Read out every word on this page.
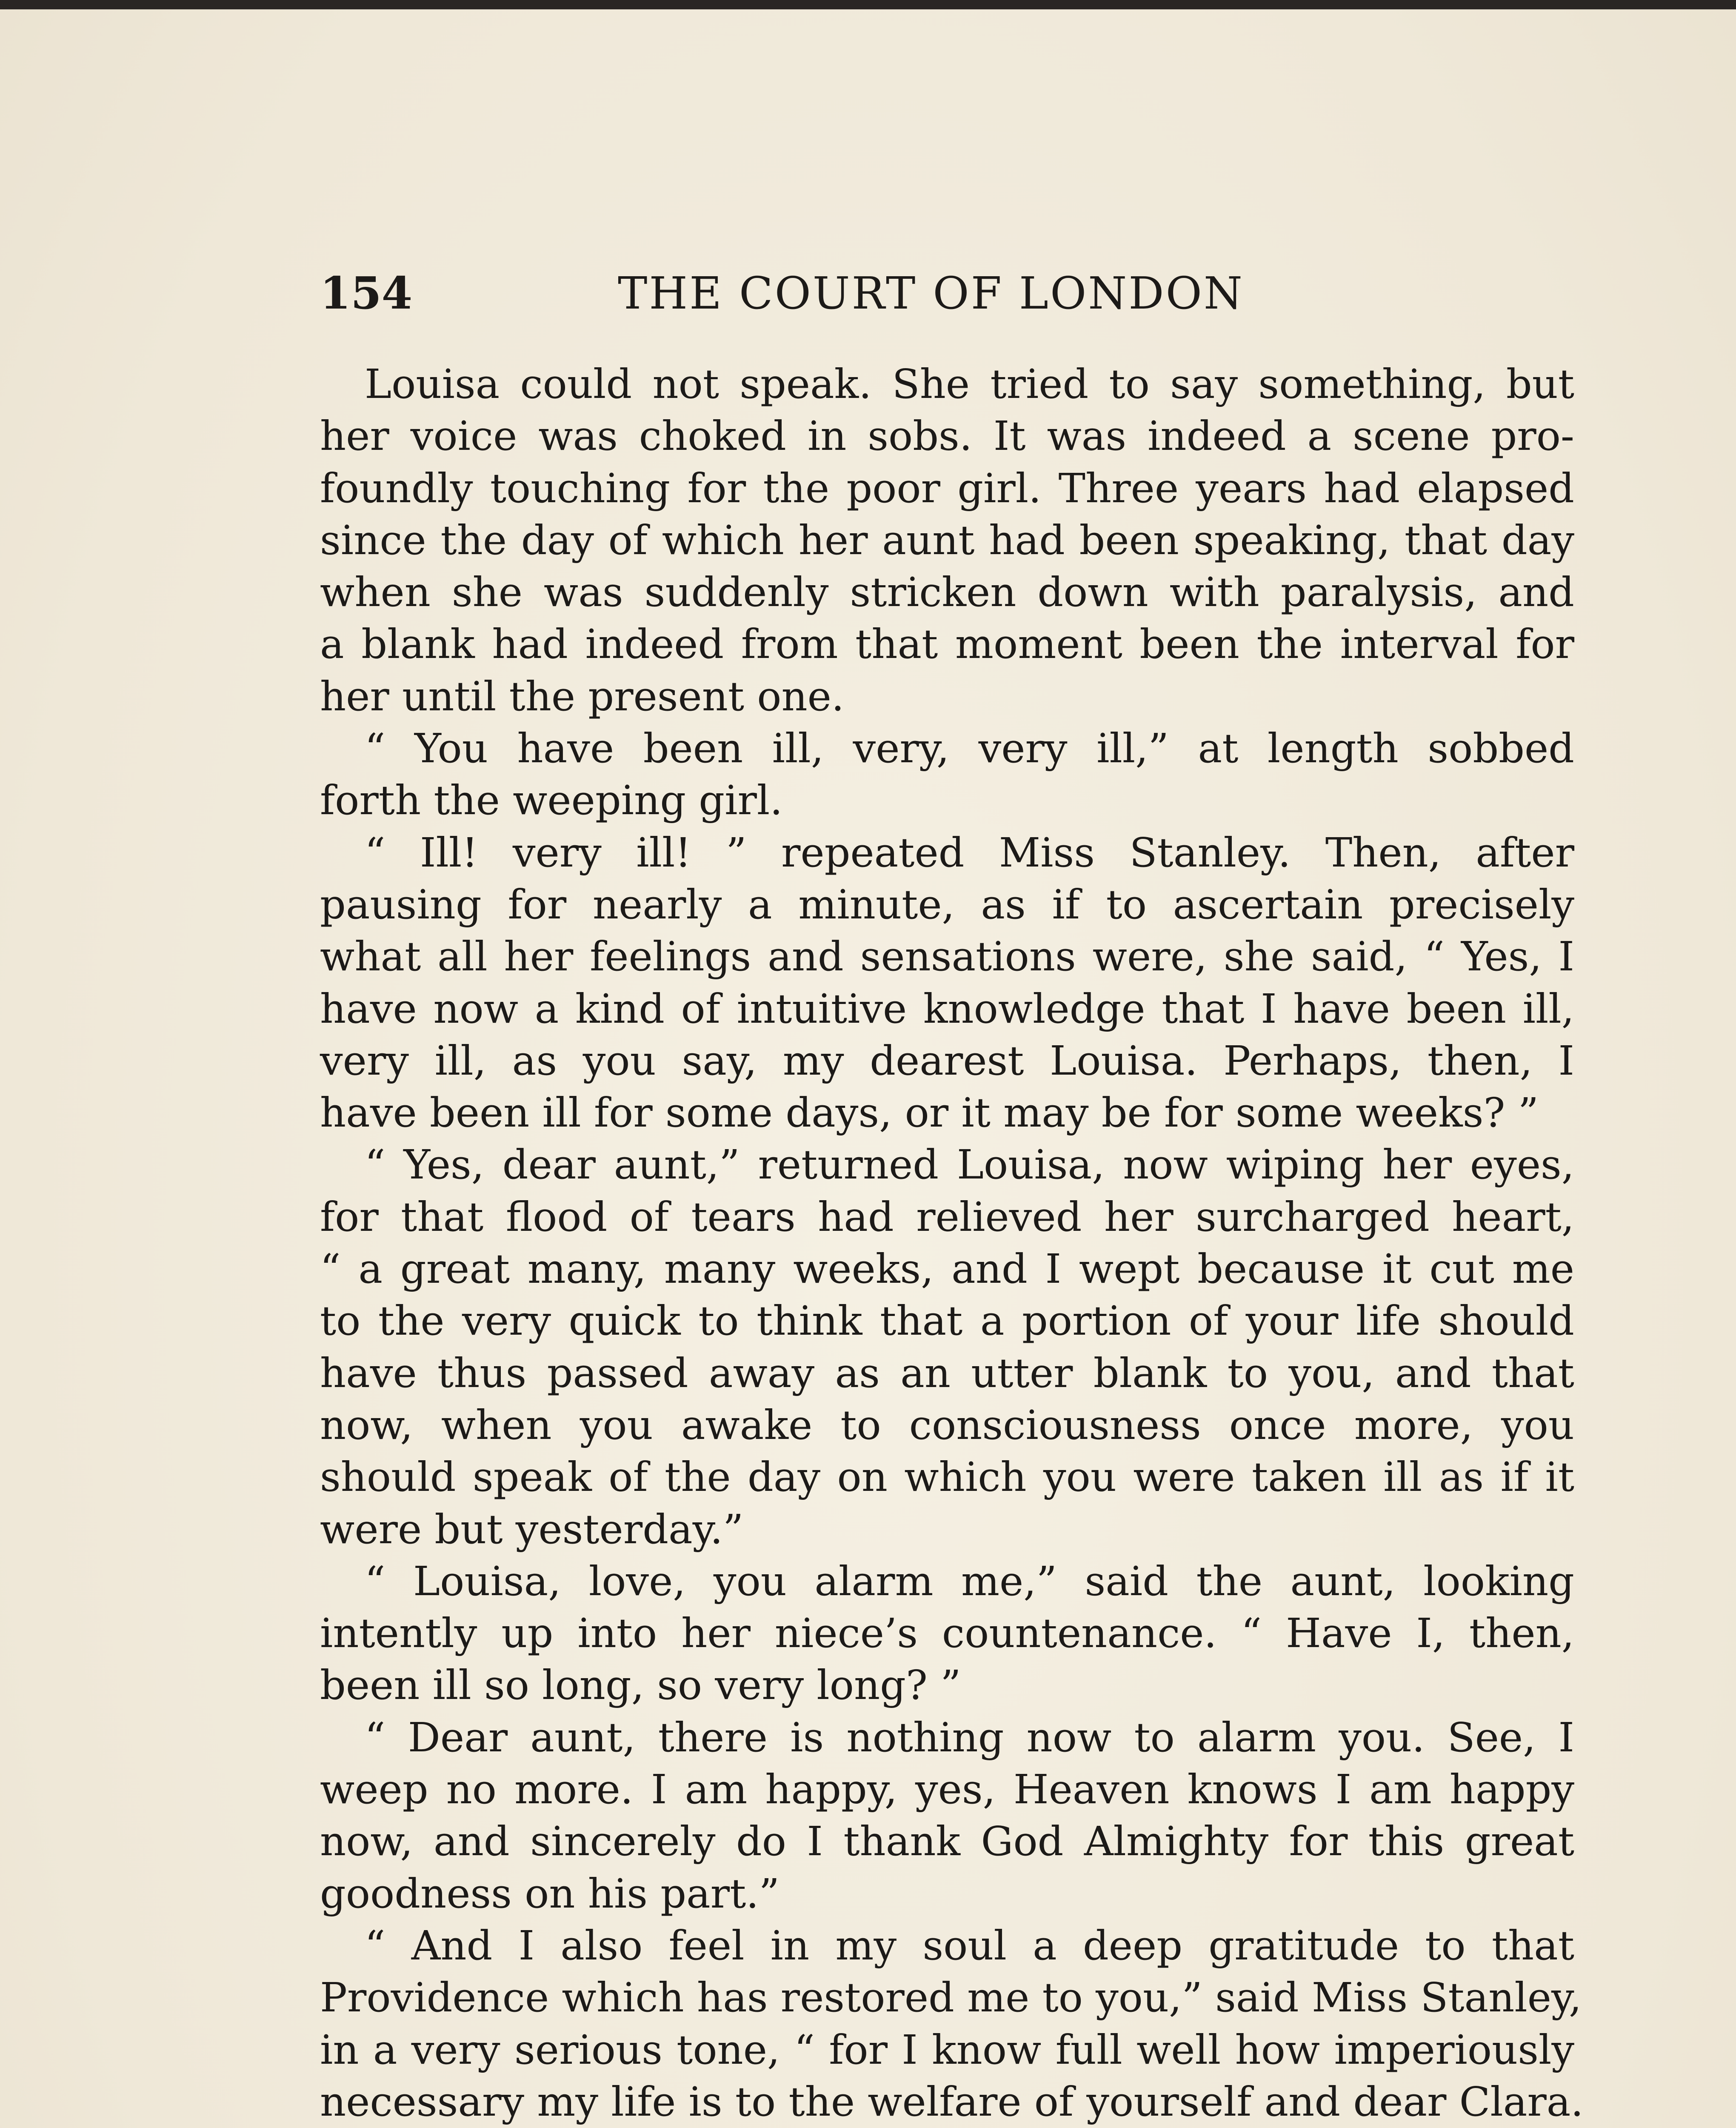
154	THE COURT OF LONDON
Louisa could not speak. She tried to say something, but
her voice was choked in sobs. It was indeed a scene pro-
foundly touching for the poor girl. Three years had elapsed
since the day of which her aunt had been speaking, that day
when she was suddenly stricken down with paralysis, and
a blank had indeed from that moment been the interval for
her until the present one.
“ You have been ill, very, very ill,” at length sobbed
forth the weeping girl.
“ Ill! very ill! ” repeated Miss Stanley. Then, after
pausing for nearly a minute, as if to ascertain precisely
what all her feelings and sensations were, she said, “ Yes, I
have now a kind of intuitive knowledge that I have been ill,
very ill, as you say, my dearest Louisa. Perhaps, then, I
have been ill for some days, or it may be for some weeks? ”
“ Yes, dear aunt,” returned Louisa, now wiping her eyes,
for that flood of tears had relieved her surcharged heart,
“ a great many, many weeks, and I wept because it cut me
to the very quick to think that a portion of your life should
have thus passed away as an utter blank to you, and that
now, when you awake to consciousness once more, you
should speak of the day on which you were taken ill as if it
were but yesterday.”
“ Louisa, love, you alarm me,” said the aunt, looking
intently up into her niece’s countenance. “ Have I, then,
been ill so long, so very long? ”
“ Dear aunt, there is nothing now to alarm you. See, I
weep no more. I am happy, yes, Heaven knows I am happy
now, and sincerely do I thank God Almighty for this great
goodness on his part.”
“ And I also feel in my soul a deep gratitude to that
Providence which has restored me to you,” said Miss Stanley,
in a very serious tone, “ for I know full well how imperiously
necessary my life is to the welfare of yourself and dear Clara.
